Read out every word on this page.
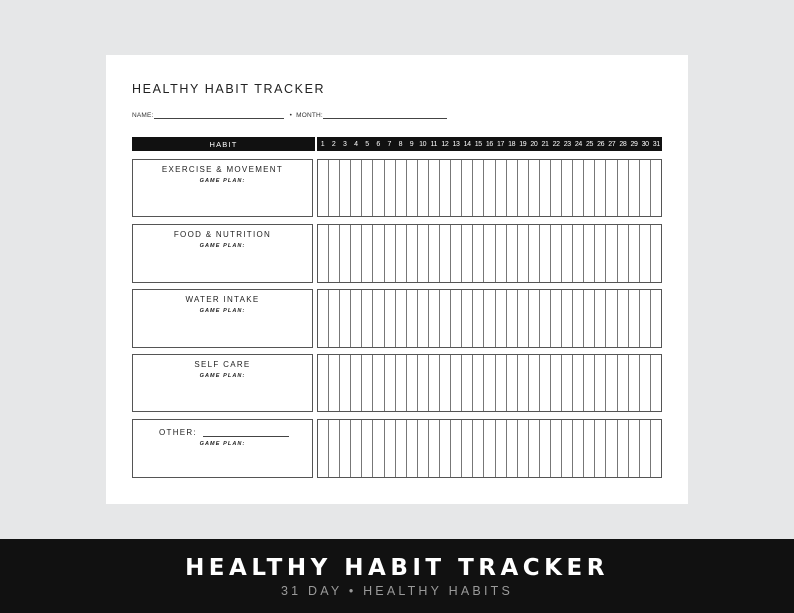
HEALTHY HABIT TRACKER
NAME:	• MONTH:
HABIT	1	2	3	4	5	6	7	8	9 10 11 12 13 14 15 16 17 18 19 20 21 22 23 24 25 26 27 28 29 30 31
EXERCISE & MOVEMENT
GAME PLAN:
FOOD & NUTRITION
GAME PLAN:
WATER INTAKE
GAME PLAN:
SELF CARE
GAME PLAN:
OTHER:
GAME PLAN:
HEALTHY HABIT TRACKER
31 DAY • HEALTHY HABITS
